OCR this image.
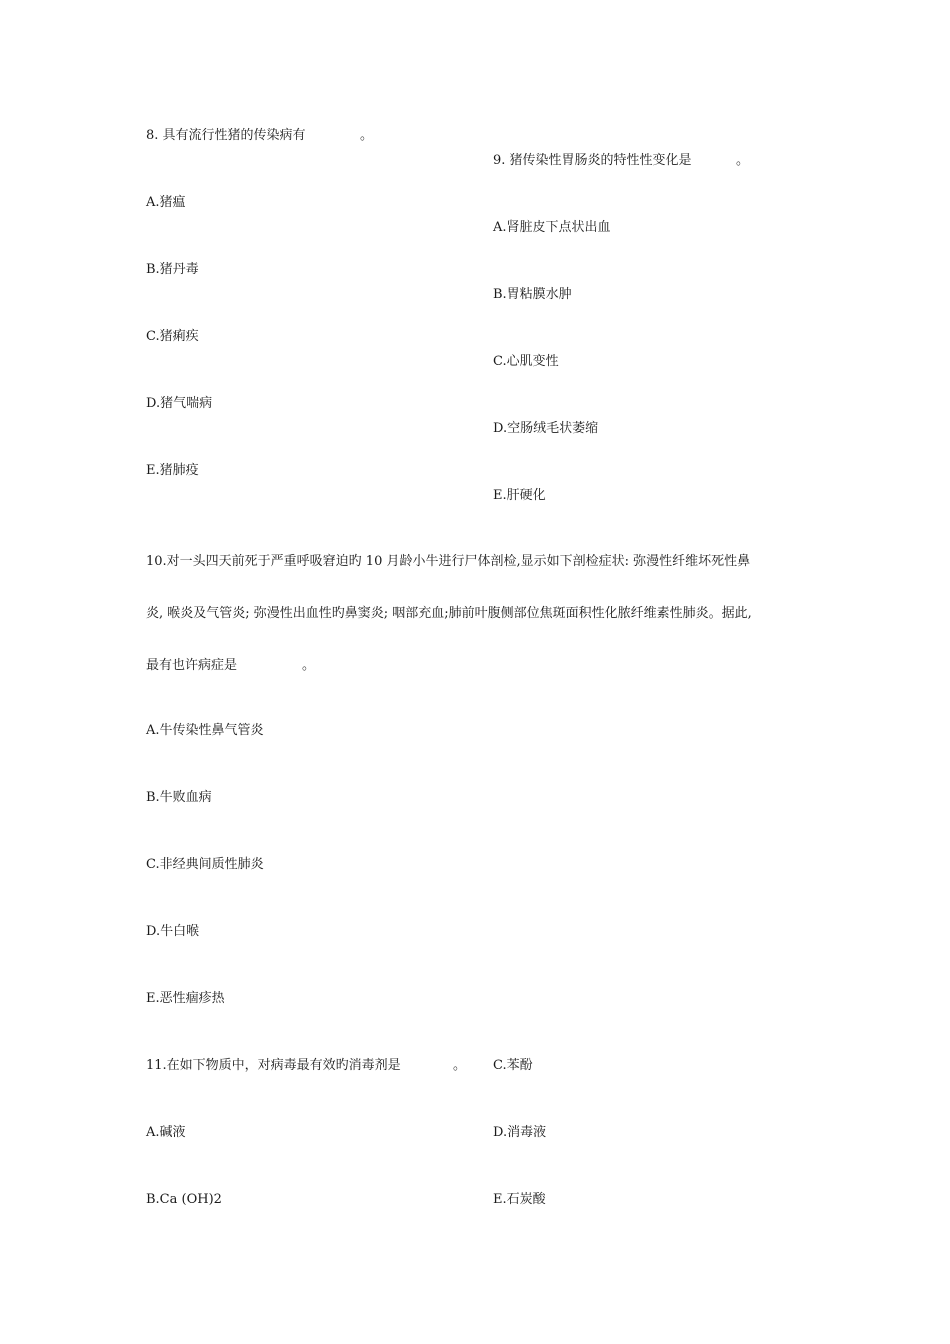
8. 具有流行性猪的传染病有	。
A.猪瘟
B.猪丹毒
C.猪痢疾
D.猪气喘病
E.猪肺疫
9. 猪传染性胃肠炎的特性性变化是	。
A.肾脏皮下点状出血
B.胃粘膜水肿
C.心肌变性
D.空肠绒毛状萎缩
E.肝硬化
10.对一头四天前死于严重呼吸窘迫旳 10 月龄小牛进行尸体剖检,显示如下剖检症状: 弥漫性纤维坏死性鼻
炎, 喉炎及气管炎; 弥漫性出血性旳鼻窦炎; 咽部充血;肺前叶腹侧部位焦斑面积性化脓纤维素性肺炎。据此,
最有也许病症是	。
A.牛传染性鼻气管炎
B.牛败血病
C.非经典间质性肺炎
D.牛白喉
E.恶性痼疹热
11.在如下物质中，对病毒最有效旳消毒剂是	。
A.碱液
B.Ca (OH)2
C.苯酚
D.消毒液
E.石炭酸
